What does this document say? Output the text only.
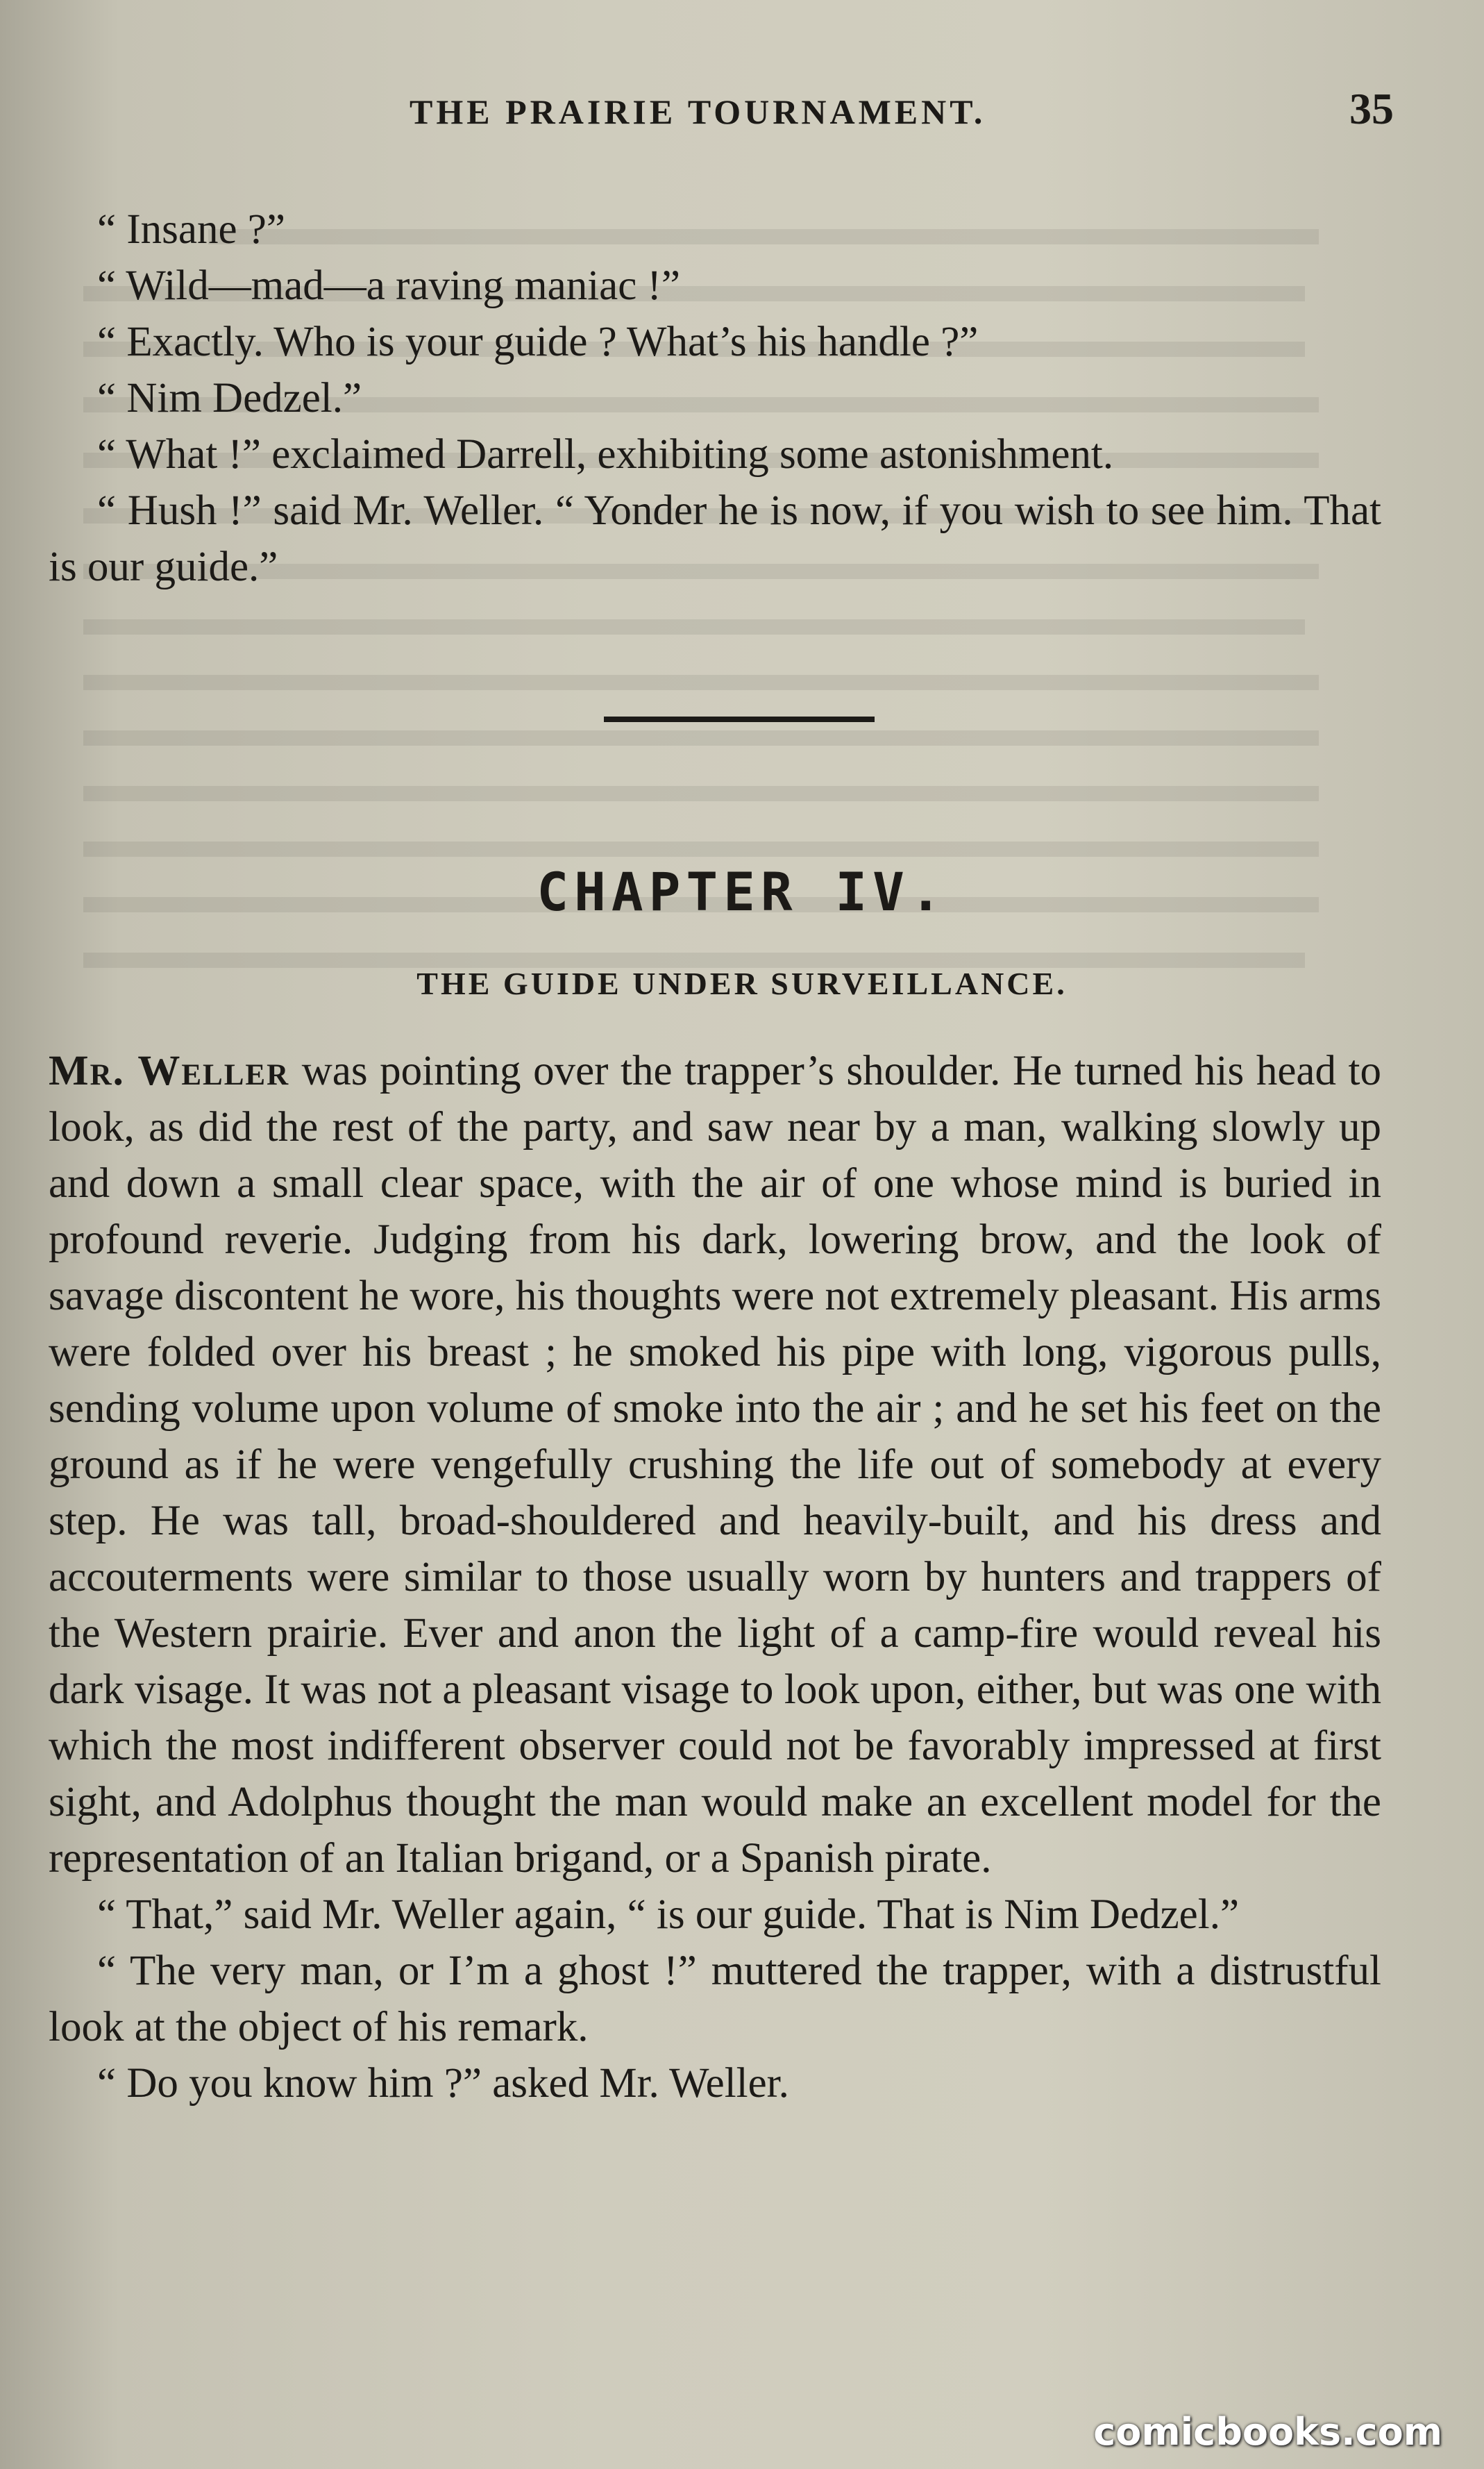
THE PRAIRIE TOURNAMENT.	35

“ Insane ?”

“ Wild—mad—a raving maniac !”

“ Exactly. Who is your guide ? What’s his handle ?”

“ Nim Dedzel.”

“ What !” exclaimed Darrell, exhibiting some astonishment.

“ Hush !” said Mr. Weller. “ Yonder he is now, if you wish to see him. That is our guide.”

CHAPTER IV.
THE GUIDE UNDER SURVEILLANCE.

Mr. Weller was pointing over the trapper’s shoulder. He turned his head to look, as did the rest of the party, and saw near by a man, walking slowly up and down a small clear space, with the air of one whose mind is buried in profound reverie. Judging from his dark, lowering brow, and the look of savage discontent he wore, his thoughts were not extremely pleasant. His arms were folded over his breast ; he smoked his pipe with long, vigorous pulls, sending volume upon volume of smoke into the air ; and he set his feet on the ground as if he were vengefully crushing the life out of somebody at every step. He was tall, broad-shouldered and heavily-built, and his dress and accouterments were similar to those usually worn by hunters and trappers of the Western prairie. Ever and anon the light of a camp-fire would reveal his dark visage. It was not a pleasant visage to look upon, either, but was one with which the most indifferent observer could not be favorably impressed at first sight, and Adolphus thought the man would make an excellent model for the representation of an Italian brigand, or a Spanish pirate.

“ That,” said Mr. Weller again, “ is our guide. That is Nim Dedzel.”

“ The very man, or I’m a ghost !” muttered the trapper, with a distrustful look at the object of his remark.

“ Do you know him ?” asked Mr. Weller.

comicbooks.com
